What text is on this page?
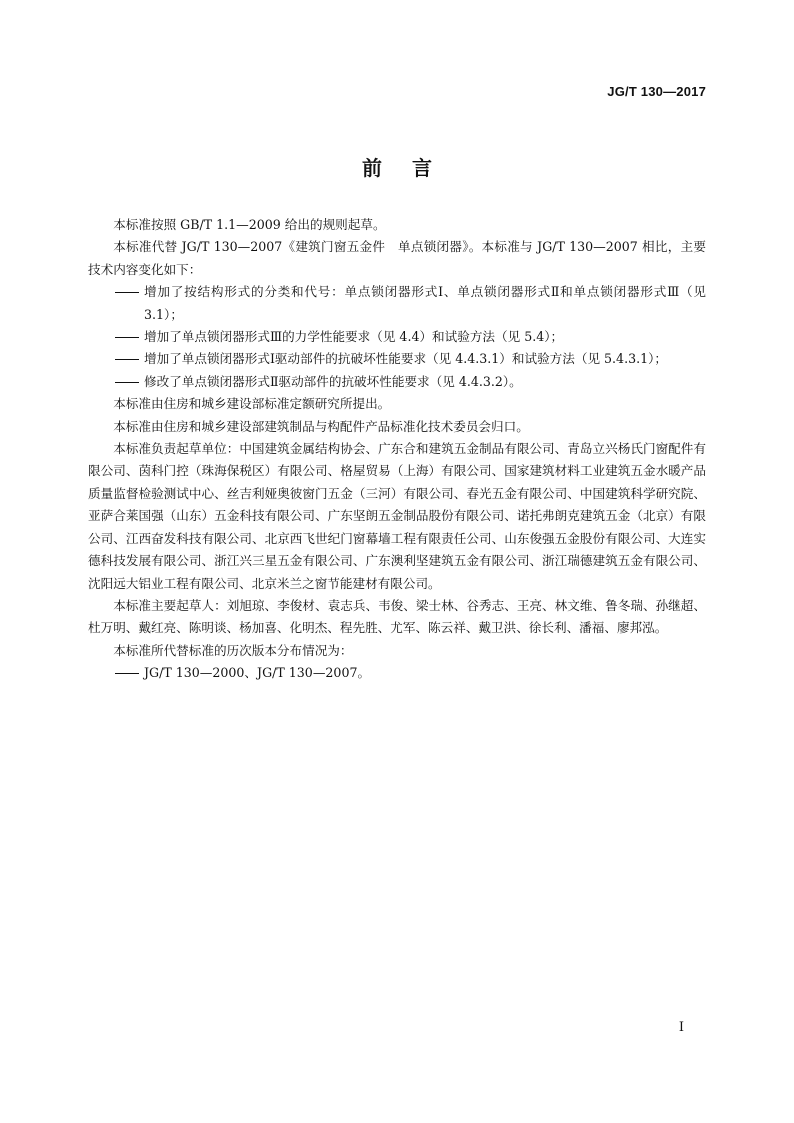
JG/T 130—2017
前言

本标准按照 GB/T 1.1—2009 给出的规则起草。

本标准代替 JG/T 130—2007《建筑门窗五金件　单点锁闭器》。本标准与 JG/T 130—2007 相比，主要技术内容变化如下：

增加了按结构形式的分类和代号：单点锁闭器形式Ⅰ、单点锁闭器形式Ⅱ和单点锁闭器形式Ⅲ（见 3.1）；
增加了单点锁闭器形式Ⅲ的力学性能要求（见 4.4）和试验方法（见 5.4）；
增加了单点锁闭器形式Ⅰ驱动部件的抗破坏性能要求（见 4.4.3.1）和试验方法（见 5.4.3.1）；
修改了单点锁闭器形式Ⅱ驱动部件的抗破坏性能要求（见 4.4.3.2）。

本标准由住房和城乡建设部标准定额研究所提出。

本标准由住房和城乡建设部建筑制品与构配件产品标准化技术委员会归口。

本标准负责起草单位：中国建筑金属结构协会、广东合和建筑五金制品有限公司、青岛立兴杨氏门窗配件有限公司、茵科门控（珠海保税区）有限公司、格屋贸易（上海）有限公司、国家建筑材料工业建筑五金水暖产品质量监督检验测试中心、丝吉利娅奥彼窗门五金（三河）有限公司、春光五金有限公司、中国建筑科学研究院、亚萨合莱国强（山东）五金科技有限公司、广东坚朗五金制品股份有限公司、诺托弗朗克建筑五金（北京）有限公司、江西奋发科技有限公司、北京西飞世纪门窗幕墙工程有限责任公司、山东俊强五金股份有限公司、大连实德科技发展有限公司、浙江兴三星五金有限公司、广东澳利坚建筑五金有限公司、浙江瑞德建筑五金有限公司、沈阳远大铝业工程有限公司、北京米兰之窗节能建材有限公司。

本标准主要起草人：刘旭琼、李俊材、袁志兵、韦俊、梁士林、谷秀志、王亮、林文维、鲁冬瑞、孙继超、杜万明、戴红亮、陈明谈、杨加喜、化明杰、程先胜、尤军、陈云祥、戴卫洪、徐长利、潘福、廖邦泓。

本标准所代替标准的历次版本分布情况为：

JG/T 130—2000、JG/T 130—2007。
I
